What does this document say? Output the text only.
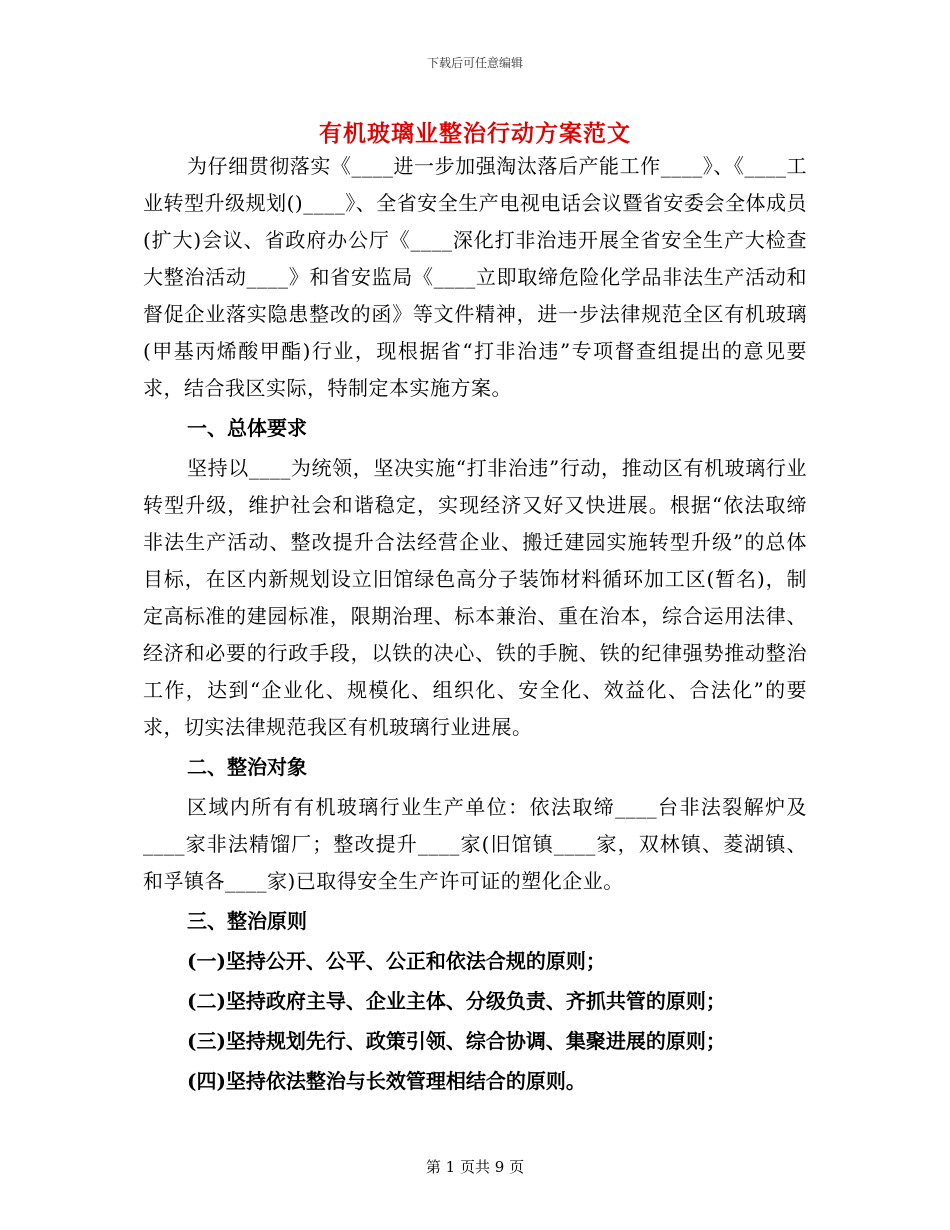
下载后可任意编辑
有机玻璃业整治行动方案范文

为仔细贯彻落实《____进一步加强淘汰落后产能工作____》、《____工业转型升级规划()____》、全省安全生产电视电话会议暨省安委会全体成员(扩大)会议、省政府办公厅《____深化打非治违开展全省安全生产大检查大整治活动____》和省安监局《____立即取缔危险化学品非法生产活动和督促企业落实隐患整改的函》等文件精神，进一步法律规范全区有机玻璃(甲基丙烯酸甲酯)行业，现根据省“打非治违”专项督查组提出的意见要求，结合我区实际，特制定本实施方案。

一、总体要求

坚持以____为统领，坚决实施“打非治违”行动，推动区有机玻璃行业转型升级，维护社会和谐稳定，实现经济又好又快进展。根据“依法取缔非法生产活动、整改提升合法经营企业、搬迁建园实施转型升级”的总体目标，在区内新规划设立旧馆绿色高分子装饰材料循环加工区(暂名)，制定高标准的建园标准，限期治理、标本兼治、重在治本，综合运用法律、经济和必要的行政手段，以铁的决心、铁的手腕、铁的纪律强势推动整治工作，达到“企业化、规模化、组织化、安全化、效益化、合法化”的要求，切实法律规范我区有机玻璃行业进展。

二、整治对象

区域内所有有机玻璃行业生产单位：依法取缔____台非法裂解炉及____家非法精馏厂；整改提升____家(旧馆镇____家，双林镇、菱湖镇、和孚镇各____家)已取得安全生产许可证的塑化企业。

三、整治原则

(一)坚持公开、公平、公正和依法合规的原则；

(二)坚持政府主导、企业主体、分级负责、齐抓共管的原则；

(三)坚持规划先行、政策引领、综合协调、集聚进展的原则；

(四)坚持依法整治与长效管理相结合的原则。

第 1 页共 9 页
